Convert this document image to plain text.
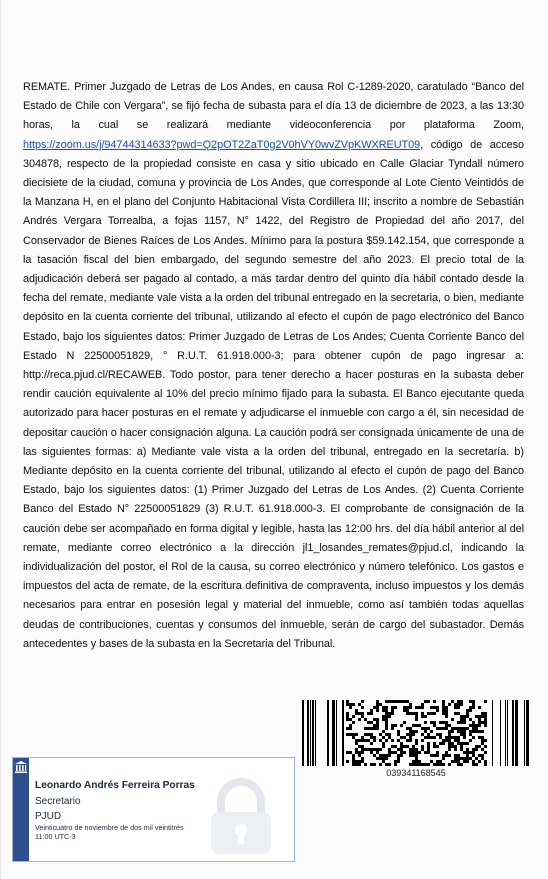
REMATE. Primer Juzgado de Letras de Los Andes, en causa Rol C-1289-2020, caratulado “Banco del Estado de Chile con Vergara”, se fijó fecha de subasta para el día 13 de diciembre de 2023, a las 13:30 horas, la cual se realizará mediante videoconferencia por plataforma Zoom, https://zoom.us/j/94744314633?pwd=Q2pOT2ZaT0g2V0hVY0wvZVpKWXREUT09, código de acceso 304878, respecto de la propiedad consiste en casa y sitio ubicado en Calle Glaciar Tyndall número diecisiete de la ciudad, comuna y provincia de Los Andes, que corresponde al Lote Ciento Veintidós de la Manzana H, en el plano del Conjunto Habitacional Vista Cordillera III; inscrito a nombre de Sebastián Andrés Vergara Torrealba, a fojas 1157, N° 1422, del Registro de Propiedad del año 2017, del Conservador de Bienes Raíces de Los Andes. Mínimo para la postura $59.142.154, que corresponde a la tasación fiscal del bien embargado, del segundo semestre del año 2023. El precio total de la adjudicación deberá ser pagado al contado, a más tardar dentro del quinto día hábil contado desde la fecha del remate, mediante vale vista a la orden del tribunal entregado en la secretaria, o bien, mediante depósito en la cuenta corriente del tribunal, utilizando al efecto el cupón de pago electrónico del Banco Estado, bajo los siguientes datos: Primer Juzgado de Letras de Los Andes; Cuenta Corriente Banco del Estado N 22500051829, ° R.U.T. 61.918.000-3; para obtener cupón de pago ingresar a: http://reca.pjud.cl/RECAWEB. Todo postor, para tener derecho a hacer posturas en la subasta deber rendir caución equivalente al 10% del precio mínimo fijado para la subasta. El Banco ejecutante queda autorizado para hacer posturas en el remate y adjudicarse el inmueble con cargo a él, sin necesidad de depositar caución o hacer consignación alguna. La caución podrá ser consignada únicamente de una de las siguientes formas: a) Mediante vale vista a la orden del tribunal, entregado en la secretaría. b) Mediante depósito en la cuenta corriente del tribunal, utilizando al efecto el cupón de pago del Banco Estado, bajo los siguientes datos: (1) Primer Juzgado del Letras de Los Andes. (2) Cuenta Corriente Banco del Estado N° 22500051829 (3) R.U.T. 61.918.000-3. El comprobante de consignación de la caución debe ser acompañado en forma digital y legible, hasta las 12:00 hrs. del día hábil anterior al del remate, mediante correo electrónico a la dirección jl1_losandes_remates@pjud.cl, indicando la individualización del postor, el Rol de la causa, su correo electrónico y número telefónico. Los gastos e impuestos del acta de remate, de la escritura definitiva de compraventa, incluso impuestos y los demás necesarios para entrar en posesión legal y material del inmueble, como así también todas aquellas deudas de contribuciones, cuentas y consumos del inmueble, serán de cargo del subastador. Demás antecedentes y bases de la subasta en la Secretaria del Tribunal.
039341168545
Leonardo Andrés Ferreira Porras
Secretario
PJUD
Veinticuatro de noviembre de dos mil veintitrés
11:00 UTC-3
